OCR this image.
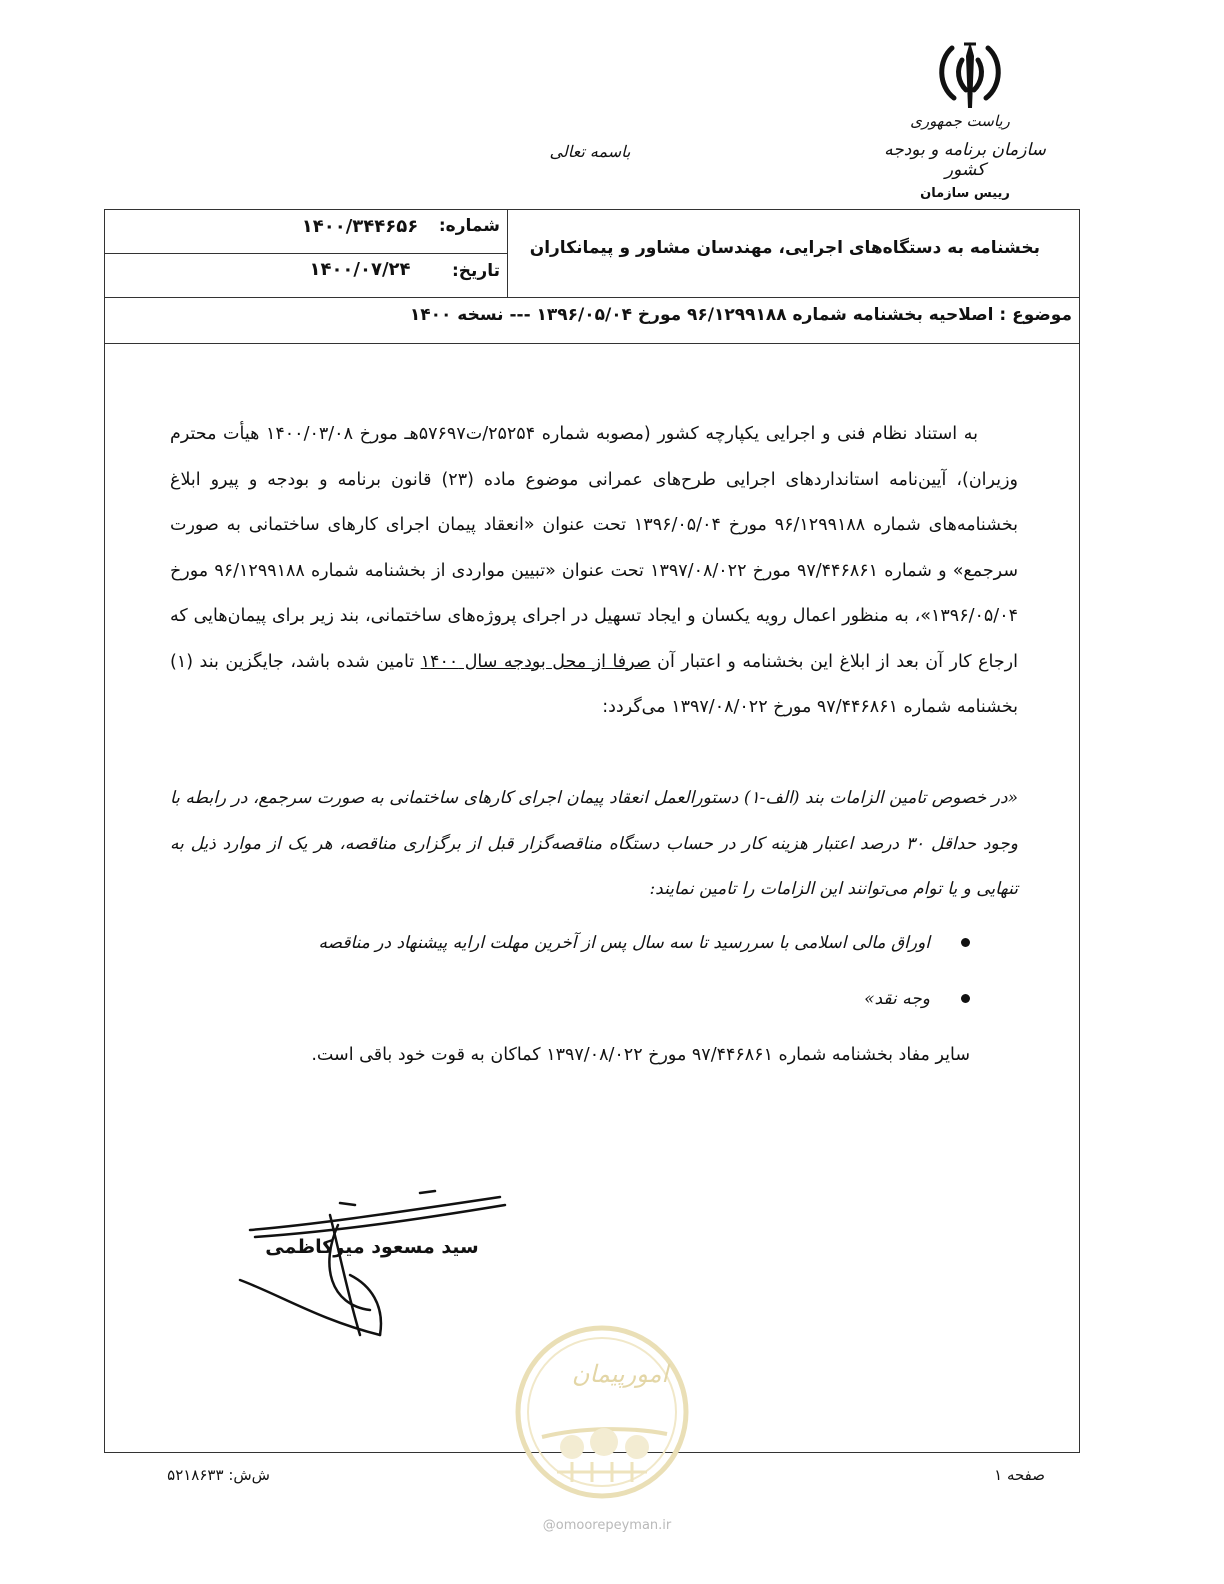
ریاست جمهوری
سازمان برنامه و بودجه کشور
رییس سازمان
باسمه تعالی
شماره:
۱۴۰۰/۳۴۴۶۵۶
تاریخ:
۱۴۰۰/۰۷/۲۴
بخشنامه به دستگاه‌های اجرایی، مهندسان مشاور و پیمانکاران
موضوع : اصلاحیه بخشنامه شماره ۹۶/۱۲۹۹۱۸۸ مورخ ۱۳۹۶/۰۵/۰۴ --- نسخه ۱۴۰۰
به استناد نظام فنی و اجرایی یکپارچه کشور (مصوبه شماره ۲۵۲۵۴/ت۵۷۶۹۷هـ مورخ ۱۴۰۰/۰۳/۰۸ هیأت محترم وزیران)، آیین‌نامه استانداردهای اجرایی طرح‌های عمرانی موضوع ماده (۲۳) قانون برنامه و بودجه و پیرو ابلاغ بخشنامه‌های شماره ۹۶/۱۲۹۹۱۸۸ مورخ ۱۳۹۶/۰۵/۰۴ تحت عنوان «انعقاد پیمان اجرای کارهای ساختمانی به صورت سرجمع» و شماره ۹۷/۴۴۶۸۶۱ مورخ ۱۳۹۷/۰۸/۰۲۲ تحت عنوان «تبیین مواردی از بخشنامه شماره ۹۶/۱۲۹۹۱۸۸ مورخ ۱۳۹۶/۰۵/۰۴»، به منظور اعمال رویه یکسان و ایجاد تسهیل در اجرای پروژه‌های ساختمانی، بند زیر برای پیمان‌هایی که ارجاع کار آن بعد از ابلاغ این بخشنامه و اعتبار آن صرفا از محل بودجه سال ۱۴۰۰ تامین شده باشد، جایگزین بند (۱) بخشنامه شماره ۹۷/۴۴۶۸۶۱ مورخ ۱۳۹۷/۰۸/۰۲۲ می‌گردد:
«در خصوص تامین الزامات بند (الف-۱) دستورالعمل انعقاد پیمان اجرای کارهای ساختمانی به صورت سرجمع، در رابطه با وجود حداقل ۳۰ درصد اعتبار هزینه کار در حساب دستگاه مناقصه‌گزار قبل از برگزاری مناقصه، هر یک از موارد ذیل به تنهایی و یا توام می‌توانند این الزامات را تامین نمایند:
اوراق مالی اسلامی با سررسید تا سه سال پس از آخرین مهلت ارایه پیشنهاد در مناقصه
وجه نقد»
سایر مفاد بخشنامه شماره ۹۷/۴۴۶۸۶۱ مورخ ۱۳۹۷/۰۸/۰۲۲ کماکان به قوت خود باقی است.
سید مسعود میرکاظمی
امورپیمان
صفحه ۱
ش‌ش: ۵۲۱۸۶۳۳
@omoorepeyman.ir
